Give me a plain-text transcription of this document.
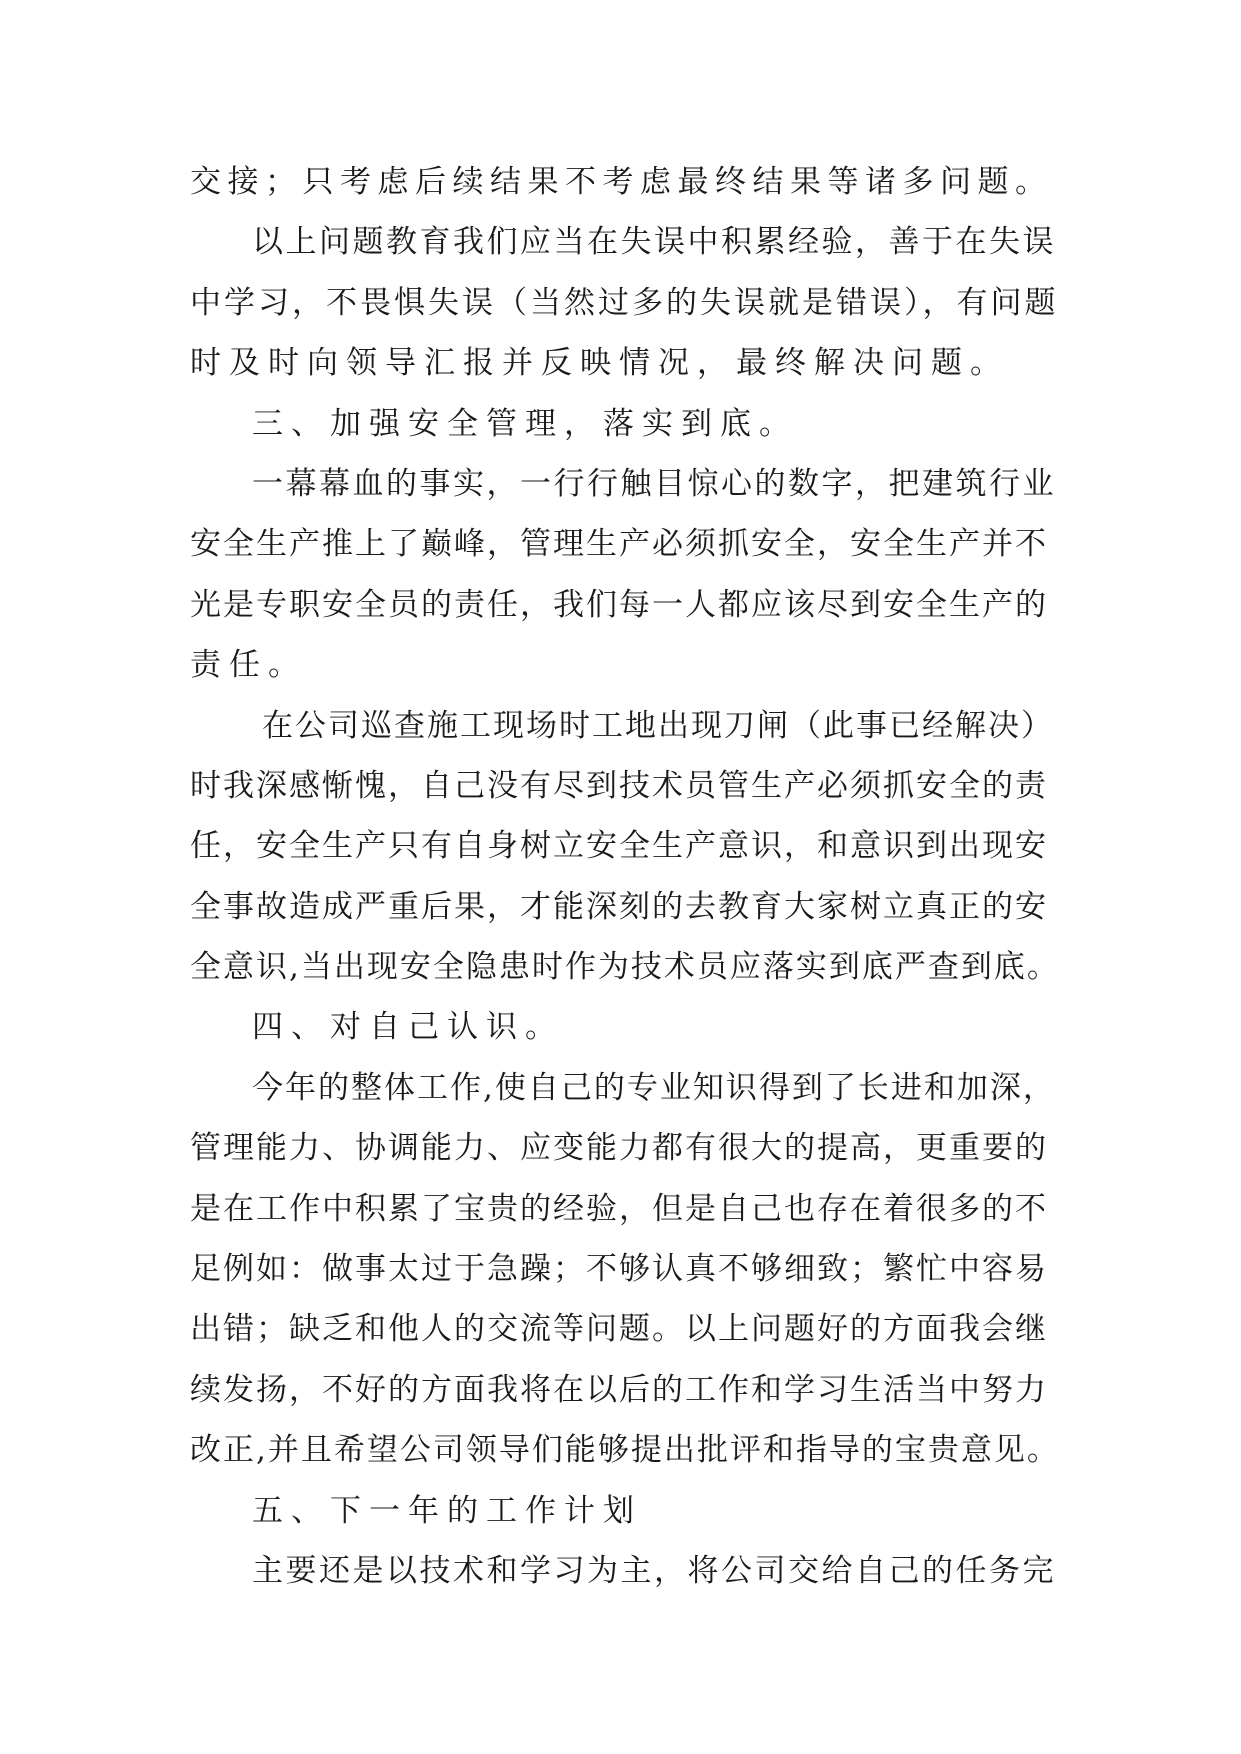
交接；只考虑后续结果不考虑最终结果等诸多问题。
以上问题教育我们应当在失误中积累经验，善于在失误
中学习，不畏惧失误（当然过多的失误就是错误），有问题
时及时向领导汇报并反映情况，最终解决问题。
三、加强安全管理，落实到底。
一幕幕血的事实，一行行触目惊心的数字，把建筑行业
安全生产推上了巅峰，管理生产必须抓安全，安全生产并不
光是专职安全员的责任，我们每一人都应该尽到安全生产的
责任。
在公司巡查施工现场时工地出现刀闸（此事已经解决）
时我深感惭愧，自己没有尽到技术员管生产必须抓安全的责
任，安全生产只有自身树立安全生产意识，和意识到出现安
全事故造成严重后果，才能深刻的去教育大家树立真正的安
全意识,当出现安全隐患时作为技术员应落实到底严查到底。
四、对自己认识。
今年的整体工作,使自己的专业知识得到了长进和加深，
管理能力、协调能力、应变能力都有很大的提高，更重要的
是在工作中积累了宝贵的经验，但是自己也存在着很多的不
足例如：做事太过于急躁；不够认真不够细致；繁忙中容易
出错；缺乏和他人的交流等问题。以上问题好的方面我会继
续发扬，不好的方面我将在以后的工作和学习生活当中努力
改正,并且希望公司领导们能够提出批评和指导的宝贵意见。
五、下一年的工作计划
主要还是以技术和学习为主，将公司交给自己的任务完
